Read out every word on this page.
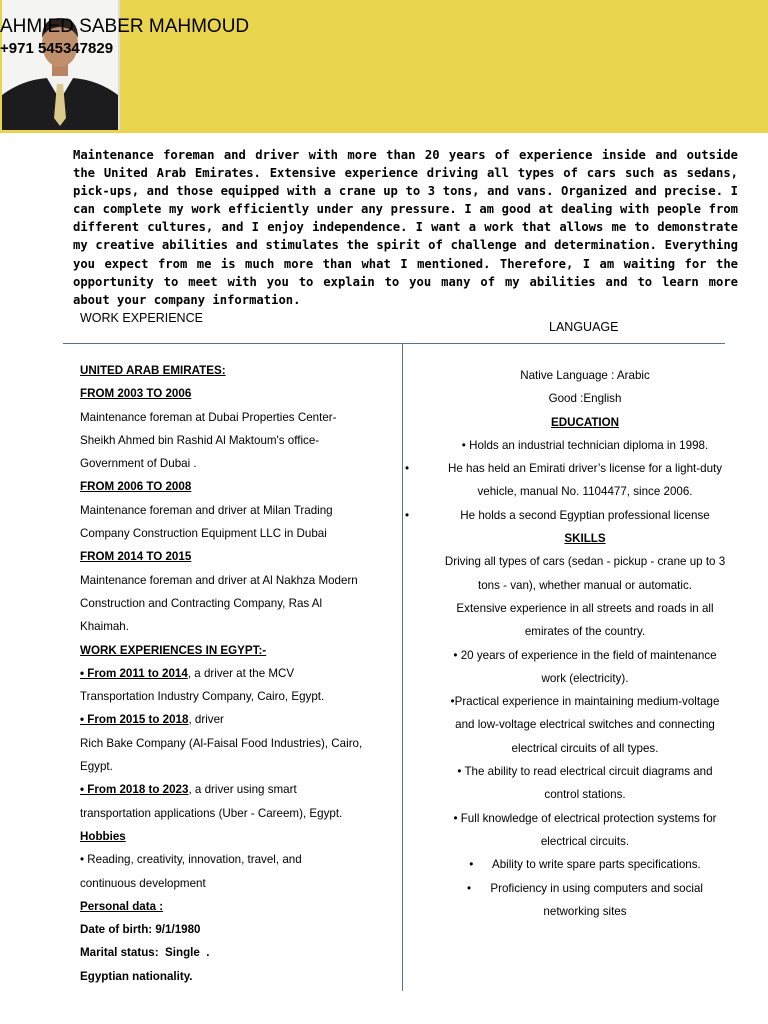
AHMIED SABER MAHMOUD
+971 545347829

Maintenance foreman and driver with more than 20 years of experience inside and outside the United Arab Emirates. Extensive experience driving all types of cars such as sedans, pick-ups, and those equipped with a crane up to 3 tons, and vans. Organized and precise. I can complete my work efficiently under any pressure. I am good at dealing with people from different cultures, and I enjoy independence. I want a work that allows me to demonstrate my creative abilities and stimulates the spirit of challenge and determination. Everything you expect from me is much more than what I mentioned. Therefore, I am waiting for the opportunity to meet with you to explain to you many of my abilities and to learn more about your company information.

WORK EXPERIENCE
LANGUAGE
UNITED ARAB EMIRATES:
FROM 2003 TO 2006
Maintenance foreman at Dubai Properties Center-
Sheikh Ahmed bin Rashid Al Maktoum's office-
Government of Dubai .
FROM 2006 TO 2008
Maintenance foreman and driver at Milan Trading
Company Construction Equipment LLC in Dubai
FROM 2014 TO 2015
Maintenance foreman and driver at Al Nakhza Modern
Construction and Contracting Company, Ras Al
Khaimah.
WORK EXPERIENCES IN EGYPT:-
• From 2011 to 2014, a driver at the MCV
Transportation Industry Company, Cairo, Egypt.
• From 2015 to 2018, driver
Rich Bake Company (Al-Faisal Food Industries), Cairo,
Egypt.
• From 2018 to 2023, a driver using smart
transportation applications (Uber - Careem), Egypt.
Hobbies
• Reading, creativity, innovation, travel, and
continuous development
Personal data :
Date of birth: 9/1/1980
Marital status:  Single  .
Egyptian nationality.
Native Language : Arabic
Good :English
EDUCATION
• Holds an industrial technician diploma in 1998.
•	He has held an Emirati driver’s license for a light-duty
vehicle, manual No. 1104477, since 2006.
•	He holds a second Egyptian professional license
SKILLS
Driving all types of cars (sedan - pickup - crane up to 3
tons - van), whether manual or automatic.
Extensive experience in all streets and roads in all
emirates of the country.
• 20 years of experience in the field of maintenance
work (electricity).
•Practical experience in maintaining medium-voltage
and low-voltage electrical switches and connecting
electrical circuits of all types.
• The ability to read electrical circuit diagrams and
control stations.
• Full knowledge of electrical protection systems for
electrical circuits.
•      Ability to write spare parts specifications.
•      Proficiency in using computers and social
networking sites
